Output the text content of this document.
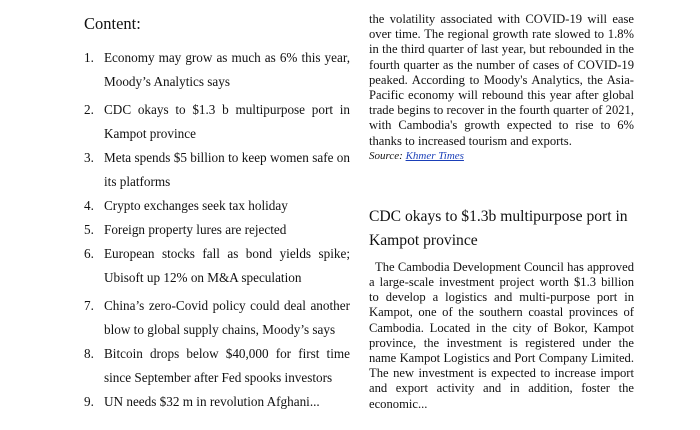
Content:
1. Economy may grow as much as 6% this year, Moody’s Analytics says
2. CDC okays to $1.3 b multipurpose port in Kampot province
3. Meta spends $5 billion to keep women safe on its platforms
4. Crypto exchanges seek tax holiday
5. Foreign property lures are rejected
6. European stocks fall as bond yields spike; Ubisoft up 12% on M&A speculation
7. China’s zero-Covid policy could deal another blow to global supply chains, Moody’s says
8. Bitcoin drops below $40,000 for first time since September after Fed spooks investors
9. UN needs $32 m in revolution Afghani...

the volatility associated with COVID-19 will ease over time. The regional growth rate slowed to 1.8% in the third quarter of last year, but rebounded in the fourth quarter as the number of cases of COVID-19 peaked. According to Moody's Analytics, the Asia-Pacific economy will rebound this year after global trade begins to recover in the fourth quarter of 2021, with Cambodia's growth expected to rise to 6% thanks to increased tourism and exports.

Source: Khmer Times
CDC okays to $1.3b multipurpose port in Kampot province

The Cambodia Development Council has approved a large-scale investment project worth $1.3 billion to develop a logistics and multi-purpose port in Kampot, one of the southern coastal provinces of Cambodia. Located in the city of Bokor, Kampot province, the investment is registered under the name Kampot Logistics and Port Company Limited. The new investment is expected to increase import and export activity and in addition, foster the economic...
